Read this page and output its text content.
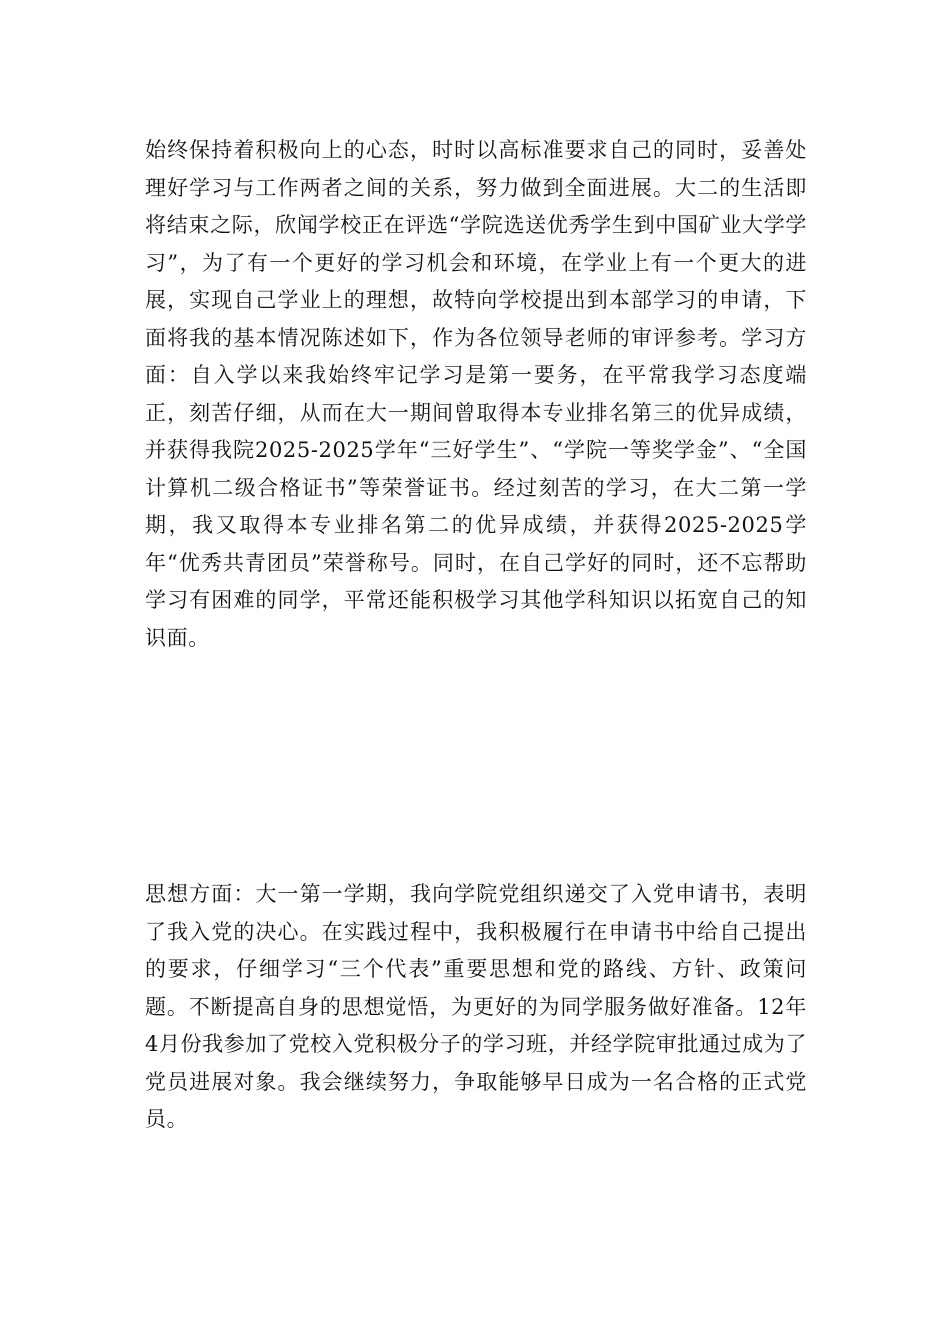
始终保持着积极向上的心态，时时以高标准要求自己的同时，妥善处理好学习与工作两者之间的关系，努力做到全面进展。大二的生活即将结束之际，欣闻学校正在评选“学院选送优秀学生到中国矿业大学学习”，为了有一个更好的学习机会和环境，在学业上有一个更大的进展，实现自己学业上的理想，故特向学校提出到本部学习的申请，下面将我的基本情况陈述如下，作为各位领导老师的审评参考。学习方面：自入学以来我始终牢记学习是第一要务，在平常我学习态度端正，刻苦仔细，从而在大一期间曾取得本专业排名第三的优异成绩，并获得我院2025-2025学年“三好学生”、“学院一等奖学金”、“全国计算机二级合格证书”等荣誉证书。经过刻苦的学习，在大二第一学期，我又取得本专业排名第二的优异成绩，并获得2025-2025学年“优秀共青团员”荣誉称号。同时，在自己学好的同时，还不忘帮助学习有困难的同学，平常还能积极学习其他学科知识以拓宽自己的知识面。

思想方面：大一第一学期，我向学院党组织递交了入党申请书，表明了我入党的决心。在实践过程中，我积极履行在申请书中给自己提出的要求，仔细学习“三个代表”重要思想和党的路线、方针、政策问题。不断提高自身的思想觉悟，为更好的为同学服务做好准备。12年4月份我参加了党校入党积极分子的学习班，并经学院审批通过成为了党员进展对象。我会继续努力，争取能够早日成为一名合格的正式党员。
